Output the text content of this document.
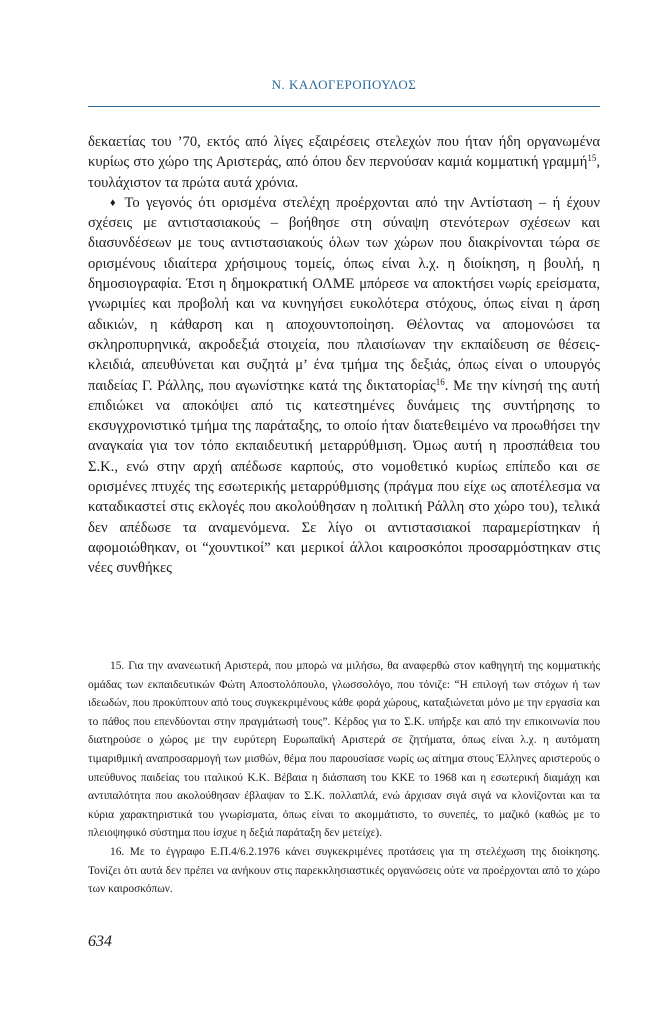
Ν. ΚΑΛΟΓΕΡΟΠΟΥΛΟΣ

δεκαετίας του ’70, εκτός από λίγες εξαιρέσεις στελεχών που ήταν ήδη οργανωμένα κυρίως στο χώρο της Αριστεράς, από όπου δεν περνούσαν καμιά κομματική γραμμή$^{15}$, τουλάχιστον τα πρώτα αυτά χρόνια.

♦ Το γεγονός ότι ορισμένα στελέχη προέρχονται από την Αντίσταση – ή έχουν σχέσεις με αντιστασιακούς – βοήθησε στη σύναψη στενότερων σχέσεων και διασυνδέσεων με τους αντιστασιακούς όλων των χώρων που διακρίνονται τώρα σε ορισμένους ιδιαίτερα χρήσιμους τομείς, όπως είναι λ.χ. η διοίκηση, η βουλή, η δημοσιογραφία. Έτσι η δημοκρατική ΟΛΜΕ μπόρεσε να αποκτήσει νωρίς ερείσματα, γνωριμίες και προβολή και να κυνηγήσει ευκολότερα στόχους, όπως είναι η άρση αδικιών, η κάθαρση και η αποχουντοποίηση. Θέλοντας να απομονώσει τα σκληροπυρηνικά, ακροδεξιά στοιχεία, που πλαισίωναν την εκπαίδευση σε θέσεις-κλειδιά, απευθύνεται και συζητά μ’ ένα τμήμα της δεξιάς, όπως είναι ο υπουργός παιδείας Γ. Ράλλης, που αγωνίστηκε κατά της δικτατορίας$^{16}$. Με την κίνησή της αυτή επιδιώκει να αποκόψει από τις κατεστημένες δυνάμεις της συντήρησης το εκσυγχρονιστικό τμήμα της παράταξης, το οποίο ήταν διατεθειμένο να προωθήσει την αναγκαία για τον τόπο εκπαιδευτική μεταρρύθμιση. Όμως αυτή η προσπάθεια του Σ.Κ., ενώ στην αρχή απέδωσε καρπούς, στο νομοθετικό κυρίως επίπεδο και σε ορισμένες πτυχές της εσωτερικής μεταρρύθμισης (πράγμα που είχε ως αποτέλεσμα να καταδικαστεί στις εκλογές που ακολούθησαν η πολιτική Ράλλη στο χώρο του), τελικά δεν απέδωσε τα αναμενόμενα. Σε λίγο οι αντιστασιακοί παραμερίστηκαν ή αφομοιώθηκαν, οι “χουντικοί” και μερικοί άλλοι καιροσκόποι προσαρμόστηκαν στις νέες συνθήκες

15. Για την ανανεωτική Αριστερά, που μπορώ να μιλήσω, θα αναφερθώ στον καθηγητή της κομματικής ομάδας των εκπαιδευτικών Φώτη Αποστολόπουλο, γλωσσολόγο, που τόνιζε: “Η επιλογή των στόχων ή των ιδεωδών, που προκύπτουν από τους συγκεκριμένους κάθε φορά χώρους, καταξιώνεται μόνο με την εργασία και το πάθος που επενδύονται στην πραγμάτωσή τους”. Κέρδος για το Σ.Κ. υπήρξε και από την επικοινωνία που διατηρούσε ο χώρος με την ευρύτερη Ευρωπαϊκή Αριστερά σε ζητήματα, όπως είναι λ.χ. η αυτόματη τιμαριθμική αναπροσαρμογή των μισθών, θέμα που παρουσίασε νωρίς ως αίτημα στους Έλληνες αριστερούς ο υπεύθυνος παιδείας του ιταλικού Κ.Κ. Βέβαια η διάσπαση του ΚΚΕ το 1968 και η εσωτερική διαμάχη και αντιπαλότητα που ακολούθησαν έβλαψαν το Σ.Κ. πολλαπλά, ενώ άρχισαν σιγά σιγά να κλονίζονται και τα κύρια χαρακτηριστικά του γνωρίσματα, όπως είναι το ακομμάτιστο, το συνεπές, το μαζικό (καθώς με το πλειοψηφικό σύστημα που ίσχυε η δεξιά παράταξη δεν μετείχε).

16. Με το έγγραφο Ε.Π.4/6.2.1976 κάνει συγκεκριμένες προτάσεις για τη στελέχωση της διοίκησης. Τονίζει ότι αυτά δεν πρέπει να ανήκουν στις παρεκκλησιαστικές οργανώσεις ούτε να προέρχονται από το χώρο των καιροσκόπων.

634
